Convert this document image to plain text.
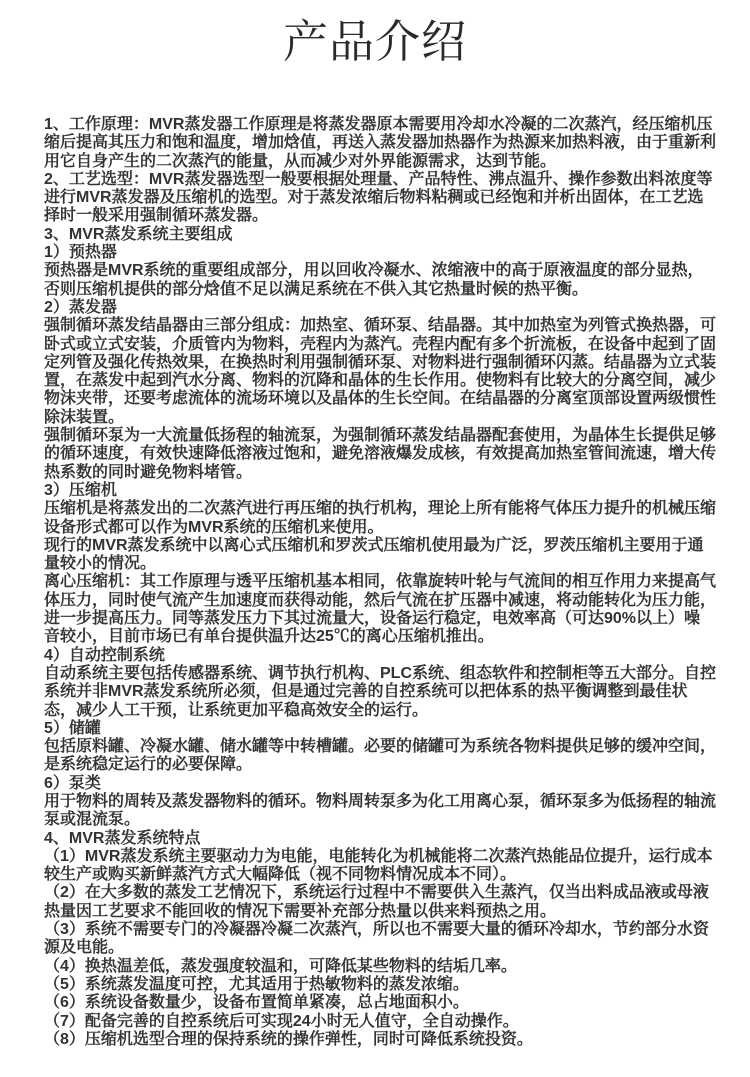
产品介绍

1、工作原理：MVR蒸发器工作原理是将蒸发器原本需要用冷却水冷凝的二次蒸汽，经压缩机压缩后提高其压力和饱和温度，增加焓值，再送入蒸发器加热器作为热源来加热料液，由于重新利用它自身产生的二次蒸汽的能量，从而减少对外界能源需求，达到节能。

2、工艺选型：MVR蒸发器选型一般要根据处理量、产品特性、沸点温升、操作参数出料浓度等进行MVR蒸发器及压缩机的选型。对于蒸发浓缩后物料粘稠或已经饱和并析出固体，在工艺选择时一般采用强制循环蒸发器。

3、MVR蒸发系统主要组成

1）预热器

预热器是MVR系统的重要组成部分，用以回收冷凝水、浓缩液中的高于原液温度的部分显热，否则压缩机提供的部分焓值不足以满足系统在不供入其它热量时候的热平衡。

2）蒸发器

强制循环蒸发结晶器由三部分组成：加热室、循环泵、结晶器。其中加热室为列管式换热器，可卧式或立式安装，介质管内为物料，壳程内为蒸汽。壳程内配有多个折流板，在设备中起到了固定列管及强化传热效果，在换热时利用强制循环泵、对物料进行强制循环闪蒸。结晶器为立式装置，在蒸发中起到汽水分离、物料的沉降和晶体的生长作用。使物料有比较大的分离空间，减少物沫夹带，还要考虑流体的流场环境以及晶体的生长空间。在结晶器的分离室顶部设置两级惯性除沫装置。

强制循环泵为一大流量低扬程的轴流泵，为强制循环蒸发结晶器配套使用，为晶体生长提供足够的循环速度，有效快速降低溶液过饱和，避免溶液爆发成核，有效提高加热室管间流速，增大传热系数的同时避免物料堵管。

3）压缩机

压缩机是将蒸发出的二次蒸汽进行再压缩的执行机构，理论上所有能将气体压力提升的机械压缩设备形式都可以作为MVR系统的压缩机来使用。

现行的MVR蒸发系统中以离心式压缩机和罗茨式压缩机使用最为广泛，罗茨压缩机主要用于通量较小的情况。

离心压缩机：其工作原理与透平压缩机基本相同，依靠旋转叶轮与气流间的相互作用力来提高气体压力，同时使气流产生加速度而获得动能，然后气流在扩压器中减速，将动能转化为压力能，进一步提高压力。同等蒸发压力下其过流量大，设备运行稳定，电效率高（可达90%以上）噪音较小，目前市场已有单台提供温升达25℃的离心压缩机推出。

4）自动控制系统

自动系统主要包括传感器系统、调节执行机构、PLC系统、组态软件和控制柜等五大部分。自控系统并非MVR蒸发系统所必须，但是通过完善的自控系统可以把体系的热平衡调整到最佳状态，减少人工干预，让系统更加平稳高效安全的运行。

5）储罐

包括原料罐、冷凝水罐、储水罐等中转槽罐。必要的储罐可为系统各物料提供足够的缓冲空间，是系统稳定运行的必要保障。

6）泵类

用于物料的周转及蒸发器物料的循环。物料周转泵多为化工用离心泵，循环泵多为低扬程的轴流泵或混流泵。

4、MVR蒸发系统特点

（1）MVR蒸发系统主要驱动力为电能，电能转化为机械能将二次蒸汽热能品位提升，运行成本较生产或购买新鲜蒸汽方式大幅降低（视不同物料情况成本不同）。

（2）在大多数的蒸发工艺情况下，系统运行过程中不需要供入生蒸汽，仅当出料成品液或母液热量因工艺要求不能回收的情况下需要补充部分热量以供来料预热之用。

（3）系统不需要专门的冷凝器冷凝二次蒸汽，所以也不需要大量的循环冷却水，节约部分水资源及电能。

（4）换热温差低，蒸发强度较温和，可降低某些物料的结垢几率。

（5）系统蒸发温度可控，尤其适用于热敏物料的蒸发浓缩。

（6）系统设备数量少，设备布置简单紧凑，总占地面积小。

（7）配备完善的自控系统后可实现24小时无人值守，全自动操作。

（8）压缩机选型合理的保持系统的操作弹性，同时可降低系统投资。
